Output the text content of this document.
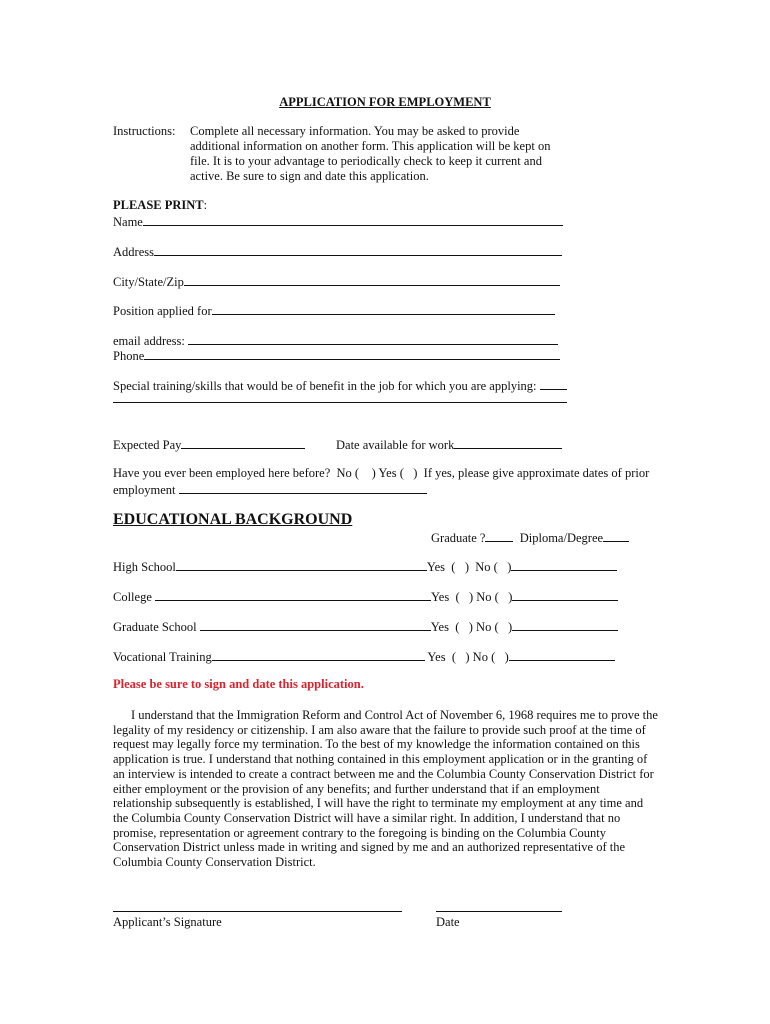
APPLICATION FOR EMPLOYMENT
Instructions: Complete all necessary information. You may be asked to provide additional information on another form. This application will be kept on file. It is to your advantage to periodically check to keep it current and active. Be sure to sign and date this application.
PLEASE PRINT:
Name
Address
City/State/Zip
Position applied for
email address:
Phone
Special training/skills that would be of benefit in the job for which you are applying:
Expected Pay	Date available for work
Have you ever been employed here before?  No (    ) Yes (   )  If yes, please give approximate dates of prior
employment
EDUCATIONAL BACKGROUND
Graduate ?	Diploma/Degree
High School	Yes  (   )  No (   )
College	Yes  (   ) No (   )
Graduate School	Yes  (   ) No (   )
Vocational Training	Yes  (   ) No (   )
Please be sure to sign and date this application.
I understand that the Immigration Reform and Control Act of November 6, 1968 requires me to prove the legality of my residency or citizenship. I am also aware that the failure to provide such proof at the time of request may legally force my termination. To the best of my knowledge the information contained on this application is true. I understand that nothing contained in this employment application or in the granting of an interview is intended to create a contract between me and the Columbia County Conservation District for either employment or the provision of any benefits; and further understand that if an employment relationship subsequently is established, I will have the right to terminate my employment at any time and the Columbia County Conservation District will have a similar right. In addition, I understand that no promise, representation or agreement contrary to the foregoing is binding on the Columbia County Conservation District unless made in writing and signed by me and an authorized representative of the Columbia County Conservation District.
Applicant’s Signature	Date
